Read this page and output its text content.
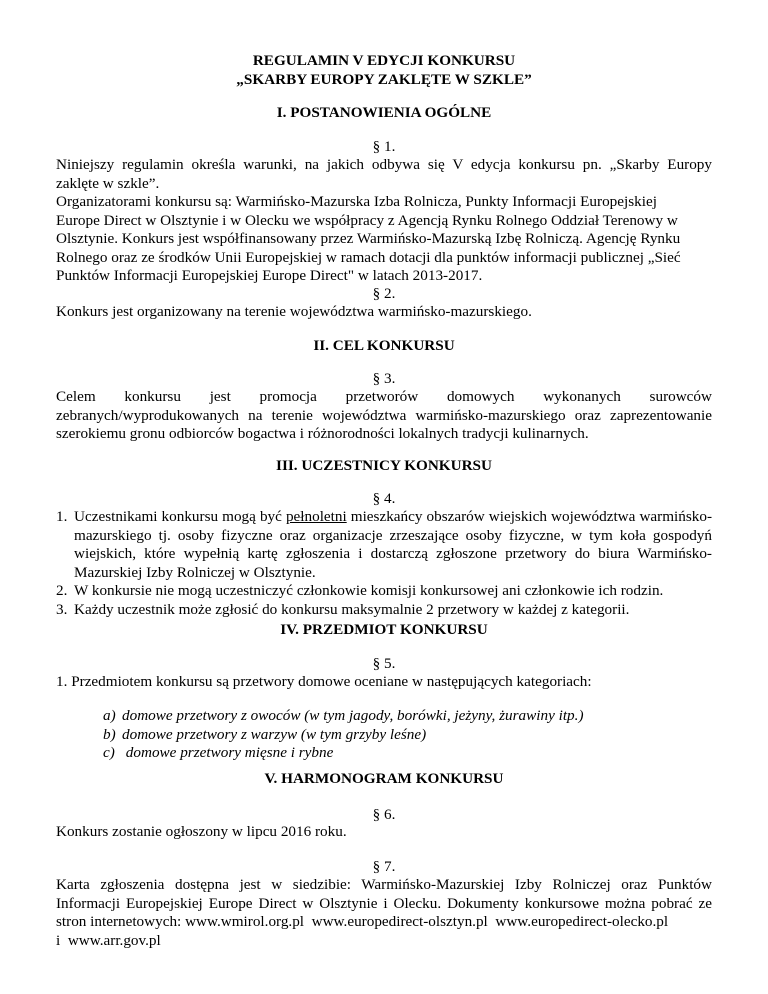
REGULAMIN V EDYCJI KONKURSU
„SKARBY EUROPY ZAKLĘTE W SZKLE”
I. POSTANOWIENIA OGÓLNE
§ 1.
Niniejszy regulamin określa warunki, na jakich odbywa się V edycja konkursu pn. „Skarby Europy
zaklęte w szkle”.
Organizatorami konkursu są: Warmińsko-Mazurska Izba Rolnicza, Punkty Informacji Europejskiej
Europe Direct w Olsztynie i w Olecku we współpracy z Agencją Rynku Rolnego Oddział Terenowy w
Olsztynie. Konkurs jest współfinansowany przez Warmińsko-Mazurską Izbę Rolniczą. Agencję Rynku
Rolnego oraz ze środków Unii Europejskiej w ramach dotacji dla punktów informacji publicznej „Sieć
Punktów Informacji Europejskiej Europe Direct" w latach 2013-2017.
§ 2.
Konkurs jest organizowany na terenie województwa warmińsko-mazurskiego.
II. CEL KONKURSU
§ 3.
Celem konkursu jest promocja przetworów domowych wykonanych surowców
zebranych/wyprodukowanych na terenie województwa warmińsko-mazurskiego oraz zaprezentowanie
szerokiemu gronu odbiorców bogactwa i różnorodności lokalnych tradycji kulinarnych.
III. UCZESTNICY KONKURSU
§ 4.
1. Uczestnikami konkursu mogą być pełnoletni mieszkańcy obszarów wiejskich województwa warmińsko-mazurskiego tj. osoby fizyczne oraz organizacje zrzeszające osoby fizyczne, w tym koła gospodyń wiejskich, które wypełnią kartę zgłoszenia i dostarczą zgłoszone przetwory do biura Warmińsko-Mazurskiej Izby Rolniczej w Olsztynie.
2. W konkursie nie mogą uczestniczyć członkowie komisji konkursowej ani członkowie ich rodzin.
3. Każdy uczestnik może zgłosić do konkursu maksymalnie 2 przetwory w każdej z kategorii.
IV. PRZEDMIOT KONKURSU
§ 5.
1. Przedmiotem konkursu są przetwory domowe oceniane w następujących kategoriach:
a) domowe przetwory z owoców (w tym jagody, borówki, jeżyny, żurawiny itp.)
b) domowe przetwory z warzyw (w tym grzyby leśne)
c) domowe przetwory mięsne i rybne
V. HARMONOGRAM KONKURSU
§ 6.
Konkurs zostanie ogłoszony w lipcu 2016 roku.
§ 7.
Karta zgłoszenia dostępna jest w siedzibie: Warmińsko-Mazurskiej Izby Rolniczej oraz Punktów
Informacji Europejskiej Europe Direct w Olsztynie i Olecku. Dokumenty konkursowe można pobrać ze
stron internetowych: www.wmirol.org.pl  www.europedirect-olsztyn.pl  www.europedirect-olecko.pl
i  www.arr.gov.pl
